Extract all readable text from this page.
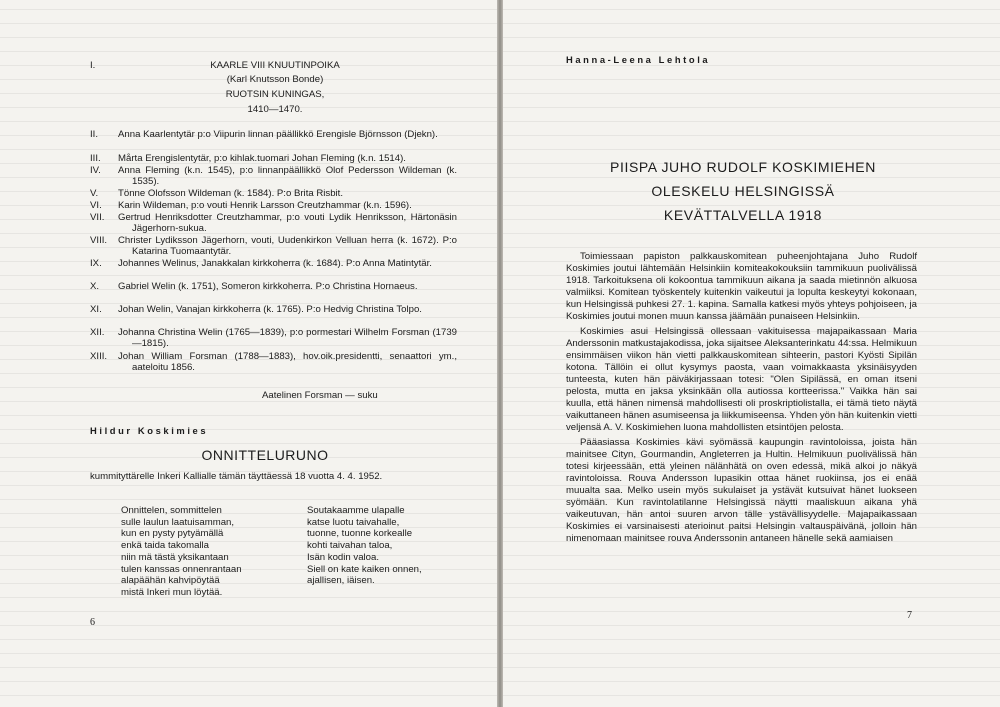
I.	KAARLE VIII KNUUTINPOIKA
(Karl Knutsson Bonde)
RUOTSIN KUNINGAS,
1410—1470.
II.	Anna Kaarlentytär p:o Viipurin linnan päällikkö Erengisle Björnsson (Djekn).
III.	Mårta Erengislentytär, p:o kihlak.tuomari Johan Fleming (k.n. 1514).
IV.	Anna Fleming (k.n. 1545), p:o linnanpäällikkö Olof Pedersson Wildeman (k. 1535).
V.	Tönne Olofsson Wildeman (k. 1584). P:o Brita Risbit.
VI.	Karin Wildeman, p:o vouti Henrik Larsson Creutzhammar (k.n. 1596).
VII.	Gertrud Henriksdotter Creutzhammar, p:o vouti Lydik Henriksson, Härtonäsin Jägerhorn-sukua.
VIII.	Christer Lydiksson Jägerhorn, vouti, Uudenkirkon Velluan herra (k. 1672). P:o Katarina Tuomaantytär.
IX.	Johannes Welinus, Janakkalan kirkkoherra (k. 1684). P:o Anna Matintytär.
X.	Gabriel Welin (k. 1751), Someron kirkkoherra. P:o Christina Hornaeus.
XI.	Johan Welin, Vanajan kirkkoherra (k. 1765). P:o Hedvig Christina Tolpo.
XII.	Johanna Christina Welin (1765—1839), p:o pormestari Wilhelm Forsman (1739—1815).
XIII.	Johan William Forsman (1788—1883), hov.oik.presidentti, senaattori ym., aateloitu 1856.
Aatelinen Forsman — suku
Hildur Koskimies
ONNITTELURUNO
kummityttärelle Inkeri Kallialle tämän täyttäessä 18 vuotta 4. 4. 1952.
Onnittelen, sommittelen
sulle laulun laatuisamman,
kun en pysty pytyämällä
enkä taida takomalla
niin mä tästä yksikantaan
tulen kanssas onnenrantaan
alapäähän kahvipöytää
mistä Inkeri mun löytää.
Soutakaamme ulapalle
katse luotu taivahalle,
tuonne, tuonne korkealle
kohti taivahan taloa,
Isän kodin valoa.
Siell on kate kaiken onnen,
ajallisen, iäisen.
6
Hanna-Leena Lehtola
PIISPA JUHO RUDOLF KOSKIMIEHEN
OLESKELU HELSINGISSÄ
KEVÄTTALVELLA 1918

Toimiessaan papiston palkkauskomitean puheenjohtajana Juho Rudolf Koskimies joutui lähtemään Helsinkiin komiteakokouksiin tammikuun puolivälissä 1918. Tarkoituksena oli kokoontua tammikuun aikana ja saada mietinnön alkuosa valmiiksi. Komitean työskentely kuitenkin vaikeutui ja lopulta keskeytyi kokonaan, kun Helsingissä puhkesi 27. 1. kapina. Samalla katkesi myös yhteys pohjoiseen, ja Koskimies joutui monen muun kanssa jäämään punaiseen Helsinkiin.

Koskimies asui Helsingissä ollessaan vakituisessa majapaikassaan Maria Anderssonin matkustajakodissa, joka sijaitsee Aleksanterinkatu 44:ssa. Helmikuun ensimmäisen viikon hän vietti palkkauskomitean sihteerin, pastori Kyösti Sipilän kotona. Tällöin ei ollut kysymys paosta, vaan voimakkaasta yksinäisyyden tunteesta, kuten hän päiväkirjassaan totesi: "Olen Sipilässä, en oman itseni pelosta, mutta en jaksa yksinkään olla autiossa kortteerissa." Vaikka hän sai kuulla, että hänen nimensä mahdollisesti oli proskriptiolistalla, ei tämä tieto näytä vaikuttaneen hänen asumiseensa ja liikkumiseensa. Yhden yön hän kuitenkin vietti veljensä A. V. Koskimiehen luona mahdollisten etsintöjen pelosta.

Pääasiassa Koskimies kävi syömässä kaupungin ravintoloissa, joista hän mainitsee Cityn, Gourmandin, Angleterren ja Hultin. Helmikuun puolivälissä hän totesi kirjeessään, että yleinen nälänhätä on oven edessä, mikä alkoi jo näkyä ravintoloissa. Rouva Andersson lupasikin ottaa hänet ruokiinsa, jos ei enää muualta saa. Melko usein myös sukulaiset ja ystävät kutsuivat hänet luokseen syömään. Kun ravintolatilanne Helsingissä näytti maaliskuun aikana yhä vaikeutuvan, hän antoi suuren arvon tälle ystävällisyydelle. Majapaikassaan Koskimies ei varsinaisesti aterioinut paitsi Helsingin valtauspäivänä, jolloin hän nimenomaan mainitsee rouva Anderssonin antaneen hänelle sekä aamiaisen

7
